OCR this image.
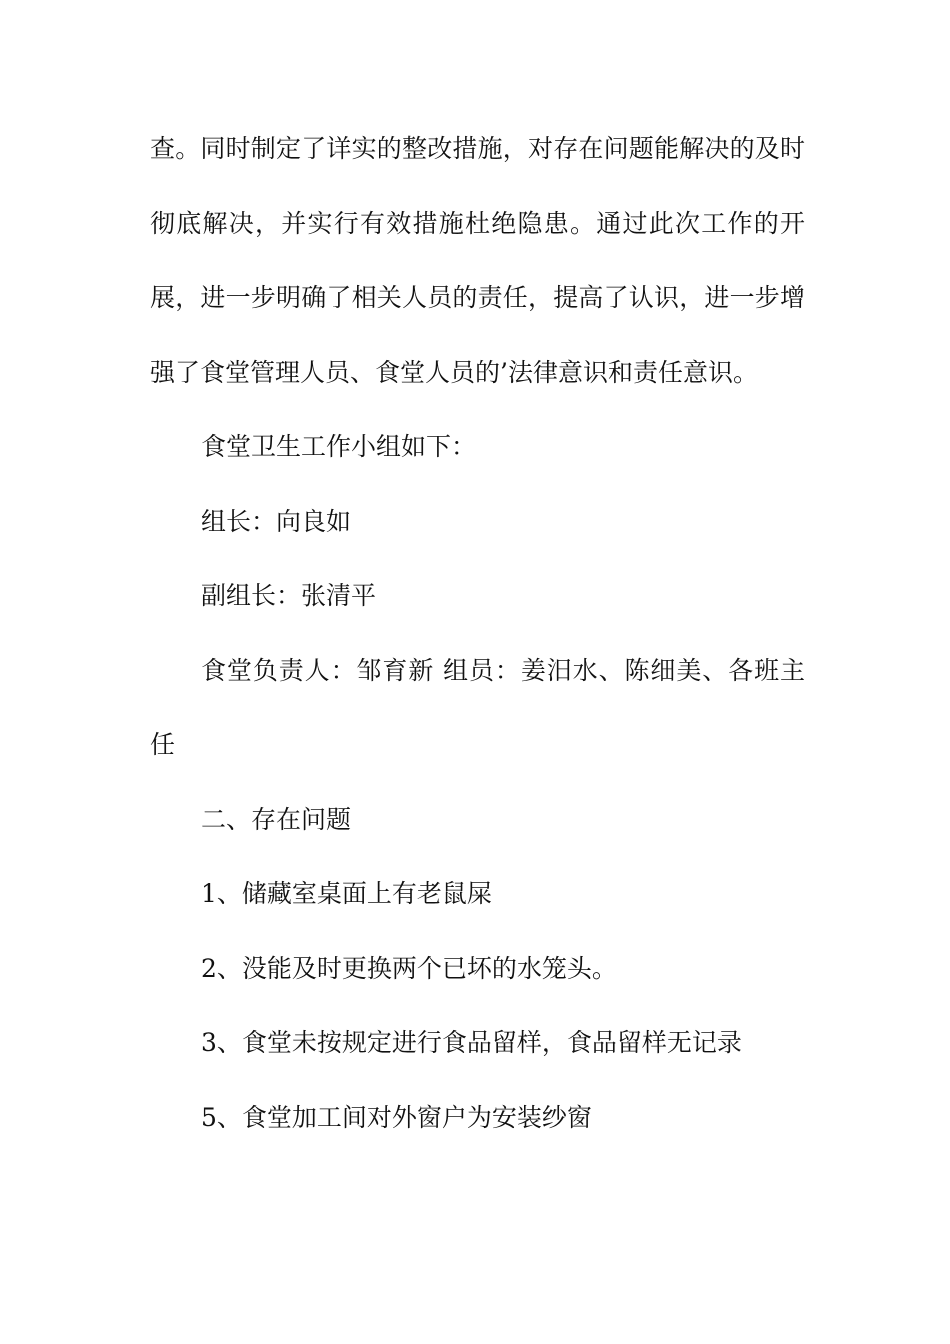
查。同时制定了详实的整改措施，对存在问题能解决的及时彻底解决，并实行有效措施杜绝隐患。通过此次工作的开展，进一步明确了相关人员的责任，提高了认识，进一步增强了食堂管理人员、食堂人员的’法律意识和责任意识。

食堂卫生工作小组如下：

组长：向良如

副组长：张清平

食堂负责人：邹育新 组员：姜汨水、陈细美、各班主任

二、存在问题

1、储藏室桌面上有老鼠屎

2、没能及时更换两个已坏的水笼头。

3、食堂未按规定进行食品留样，食品留样无记录

5、食堂加工间对外窗户为安装纱窗
